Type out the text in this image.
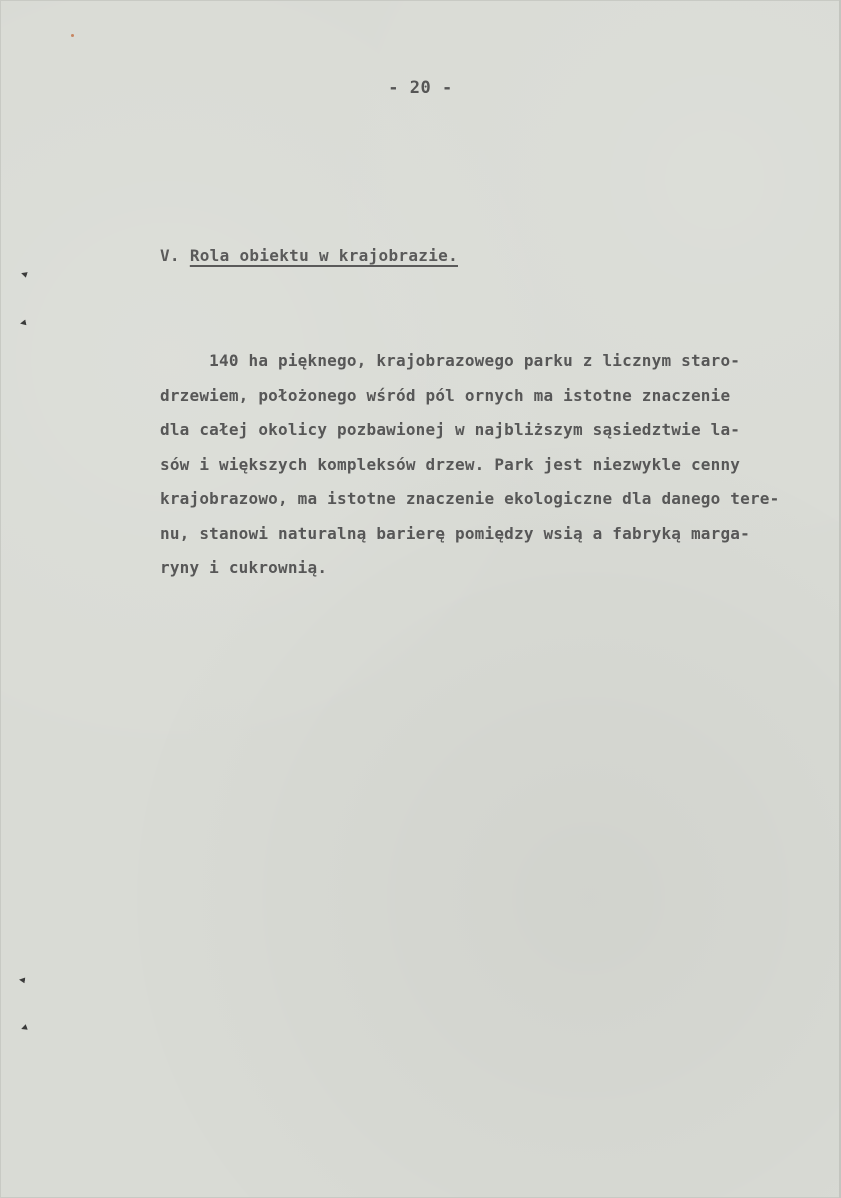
- 20 -
V. Rola obiektu w krajobrazie.
140 ha pięknego, krajobrazowego parku z licznym staro-
drzewiem, położonego wśród pól ornych ma istotne znaczenie
dla całej okolicy pozbawionej w najbliższym sąsiedztwie la-
sów i większych kompleksów drzew. Park jest niezwykle cenny
krajobrazowo, ma istotne znaczenie ekologiczne dla danego tere-
nu, stanowi naturalną barierę pomiędzy wsią a fabryką marga-
ryny i cukrownią.
